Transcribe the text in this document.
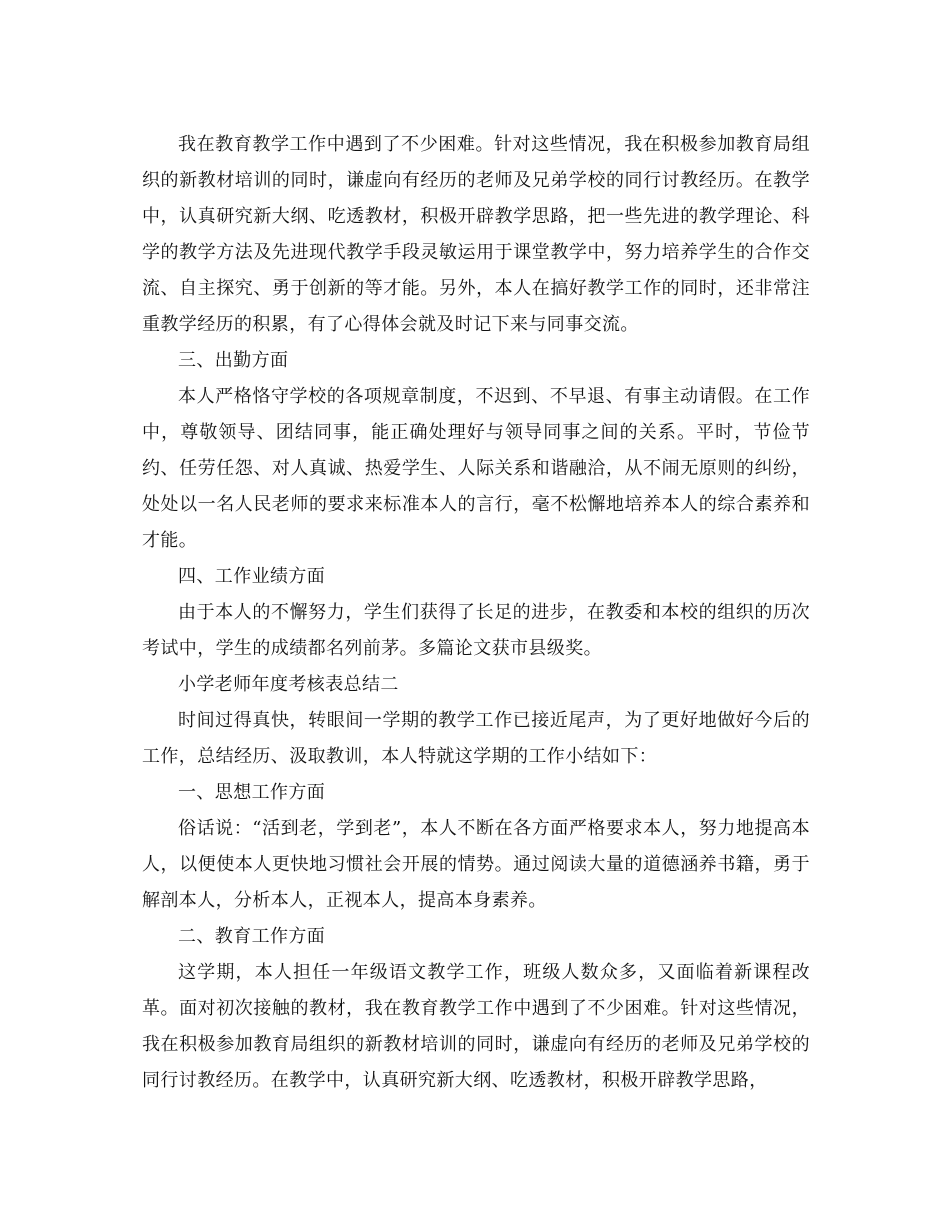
我在教育教学工作中遇到了不少困难。针对这些情况，我在积极参加教育局组织的新教材培训的同时，谦虚向有经历的老师及兄弟学校的同行讨教经历。在教学中，认真研究新大纲、吃透教材，积极开辟教学思路，把一些先进的教学理论、科学的教学方法及先进现代教学手段灵敏运用于课堂教学中，努力培养学生的合作交流、自主探究、勇于创新的等才能。另外，本人在搞好教学工作的同时，还非常注重教学经历的积累，有了心得体会就及时记下来与同事交流。

三、出勤方面

本人严格恪守学校的各项规章制度，不迟到、不早退、有事主动请假。在工作中，尊敬领导、团结同事，能正确处理好与领导同事之间的关系。平时，节俭节约、任劳任怨、对人真诚、热爱学生、人际关系和谐融洽，从不闹无原则的纠纷，处处以一名人民老师的要求来标准本人的言行，毫不松懈地培养本人的综合素养和才能。

四、工作业绩方面

由于本人的不懈努力，学生们获得了长足的进步，在教委和本校的组织的历次考试中，学生的成绩都名列前茅。多篇论文获市县级奖。

小学老师年度考核表总结二

时间过得真快，转眼间一学期的教学工作已接近尾声，为了更好地做好今后的工作，总结经历、汲取教训，本人特就这学期的工作小结如下：

一、思想工作方面

俗话说：“活到老，学到老”，本人不断在各方面严格要求本人，努力地提高本人，以便使本人更快地习惯社会开展的情势。通过阅读大量的道德涵养书籍，勇于解剖本人，分析本人，正视本人，提高本身素养。

二、教育工作方面

这学期，本人担任一年级语文教学工作，班级人数众多，又面临着新课程改革。面对初次接触的教材，我在教育教学工作中遇到了不少困难。针对这些情况，我在积极参加教育局组织的新教材培训的同时，谦虚向有经历的老师及兄弟学校的同行讨教经历。在教学中，认真研究新大纲、吃透教材，积极开辟教学思路，
